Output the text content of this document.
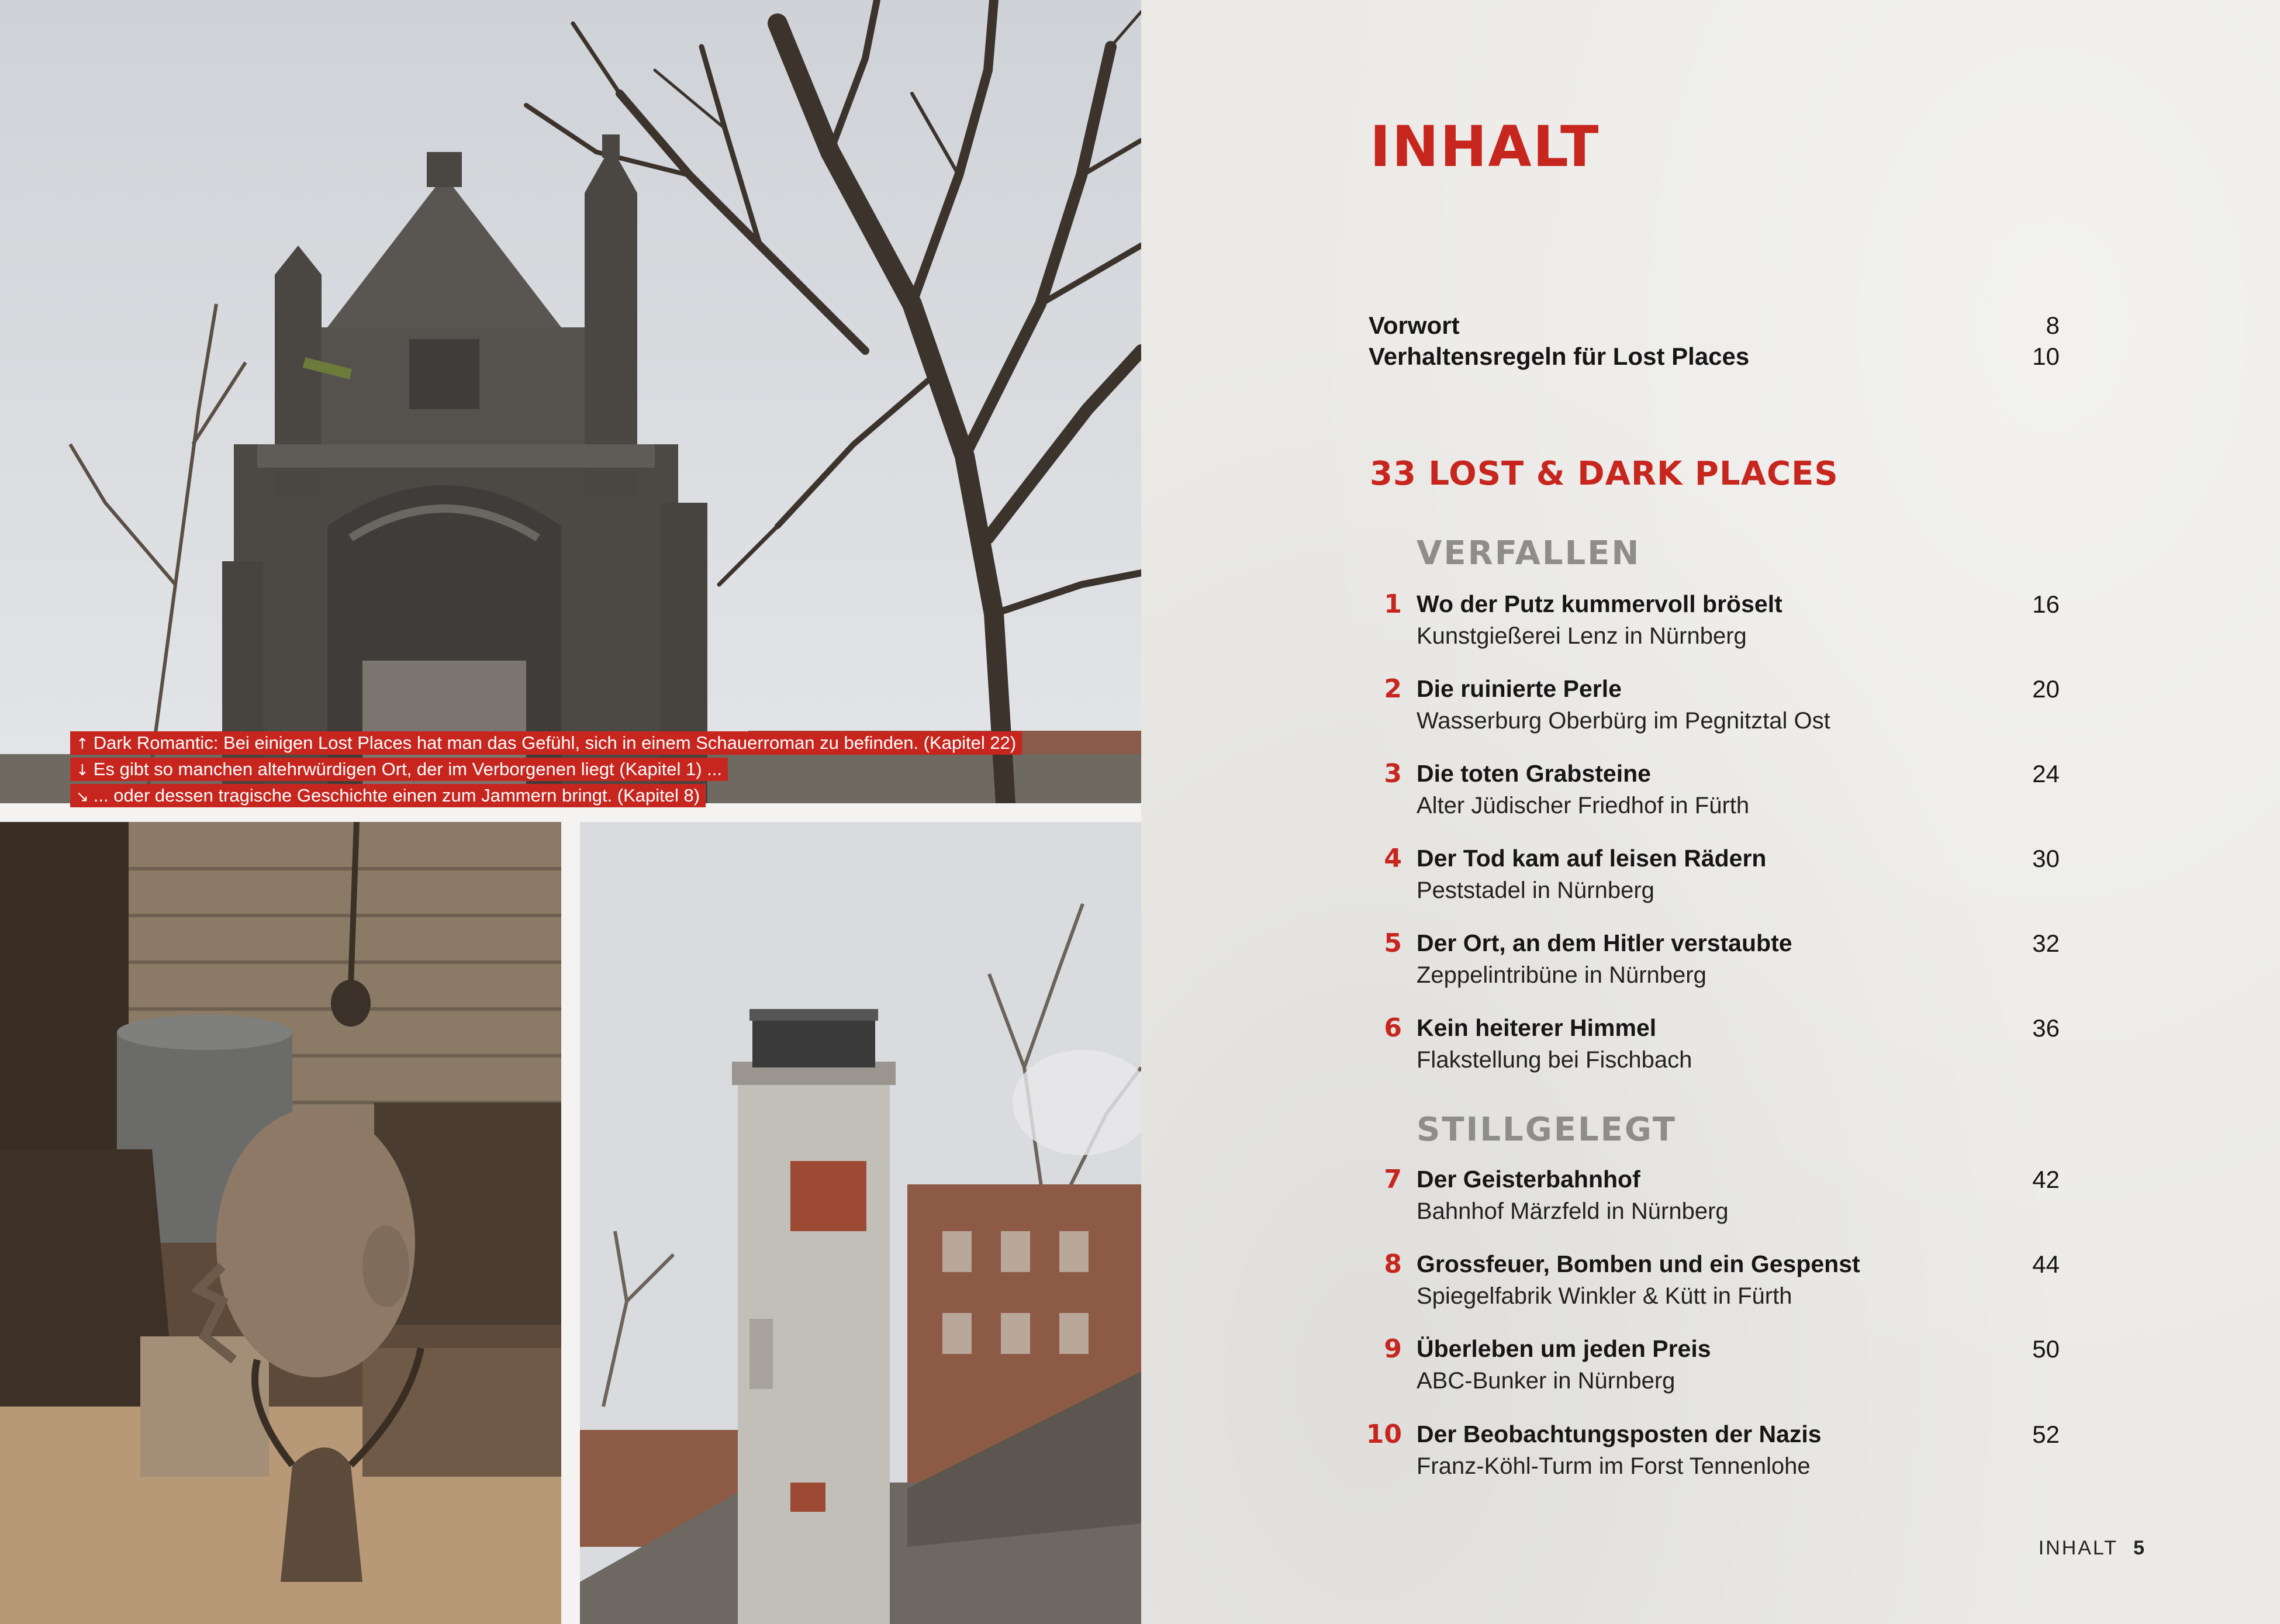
↑ Dark Romantic: Bei einigen Lost Places hat man das Gefühl, sich in einem Schauerroman zu befinden. (Kapitel 22)
↓ Es gibt so manchen altehrwürdigen Ort, der im Verborgenen liegt (Kapitel 1) ...
↘ ... oder dessen tragische Geschichte einen zum Jammern bringt. (Kapitel 8)
INHALT
Vorwort	8
Verhaltensregeln für Lost Places	10
33 LOST & DARK PLACES
VERFALLEN
1 Wo der Putz kummervoll bröselt
Kunstgießerei Lenz in Nürnberg
16
2 Die ruinierte Perle
Wasserburg Oberbürg im Pegnitztal Ost
20
3 Die toten Grabsteine
Alter Jüdischer Friedhof in Fürth
24
4 Der Tod kam auf leisen Rädern
Peststadel in Nürnberg
30
5 Der Ort, an dem Hitler verstaubte
Zeppelintribüne in Nürnberg
32
6 Kein heiterer Himmel
Flakstellung bei Fischbach
36
STILLGELEGT
7 Der Geisterbahnhof
Bahnhof Märzfeld in Nürnberg
42
8 Grossfeuer, Bomben und ein Gespenst
Spiegelfabrik Winkler & Kütt in Fürth
44
9 Überleben um jeden Preis
ABC-Bunker in Nürnberg
50
10 Der Beobachtungsposten der Nazis
Franz-Köhl-Turm im Forst Tennenlohe
52
INHALT 5
